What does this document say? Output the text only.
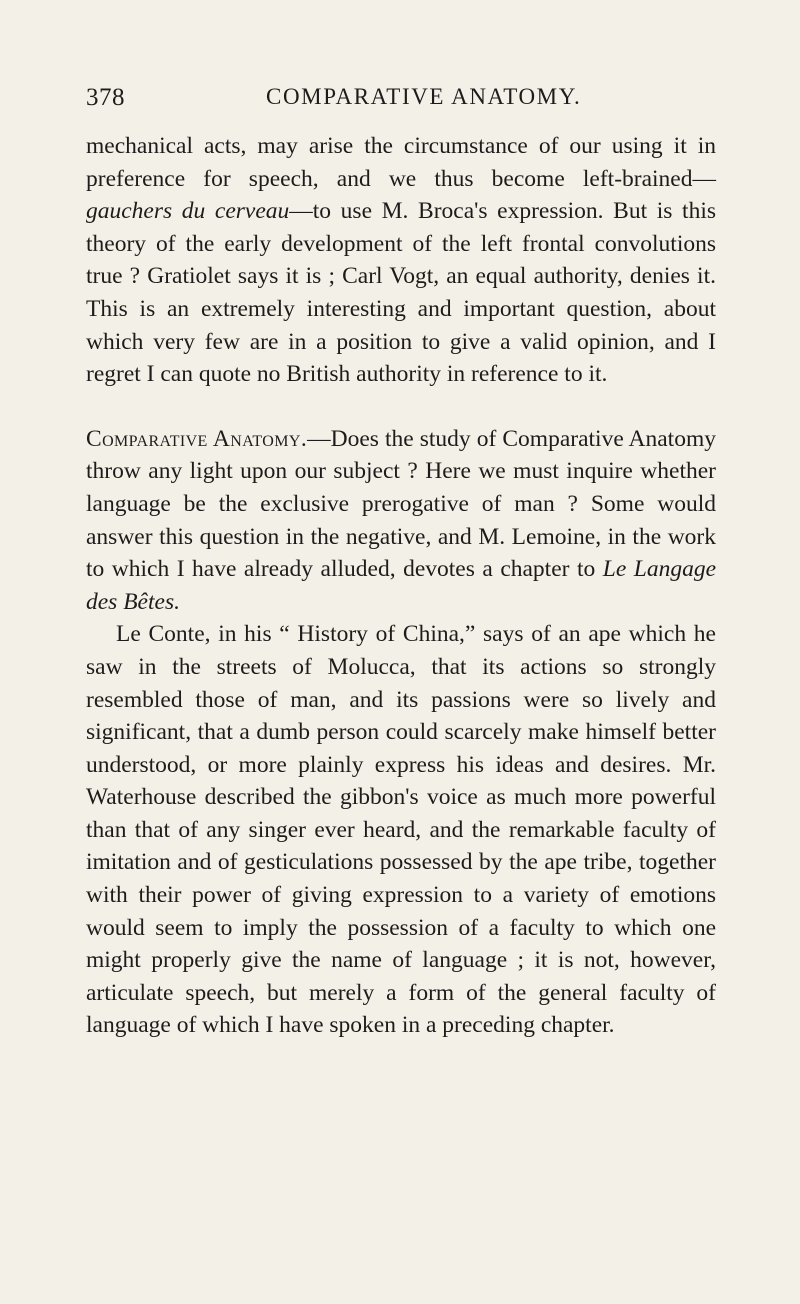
378	COMPARATIVE ANATOMY.

mechanical acts, may arise the circumstance of our using it in preference for speech, and we thus become left-brained—gauchers du cerveau—to use M. Broca's expression. But is this theory of the early development of the left frontal convolutions true ? Gratiolet says it is ; Carl Vogt, an equal authority, denies it. This is an extremely interesting and important question, about which very few are in a position to give a valid opinion, and I regret I can quote no British authority in reference to it.

Comparative Anatomy.—Does the study of Comparative Anatomy throw any light upon our subject ? Here we must inquire whether language be the exclusive prerogative of man ? Some would answer this question in the negative, and M. Lemoine, in the work to which I have already alluded, devotes a chapter to Le Langage des Bêtes.

Le Conte, in his “ History of China,” says of an ape which he saw in the streets of Molucca, that its actions so strongly resembled those of man, and its passions were so lively and significant, that a dumb person could scarcely make himself better understood, or more plainly express his ideas and desires. Mr. Waterhouse described the gibbon's voice as much more powerful than that of any singer ever heard, and the remarkable faculty of imitation and of gesticulations possessed by the ape tribe, together with their power of giving expression to a variety of emotions would seem to imply the possession of a faculty to which one might properly give the name of language ; it is not, however, articulate speech, but merely a form of the general faculty of language of which I have spoken in a preceding chapter.
